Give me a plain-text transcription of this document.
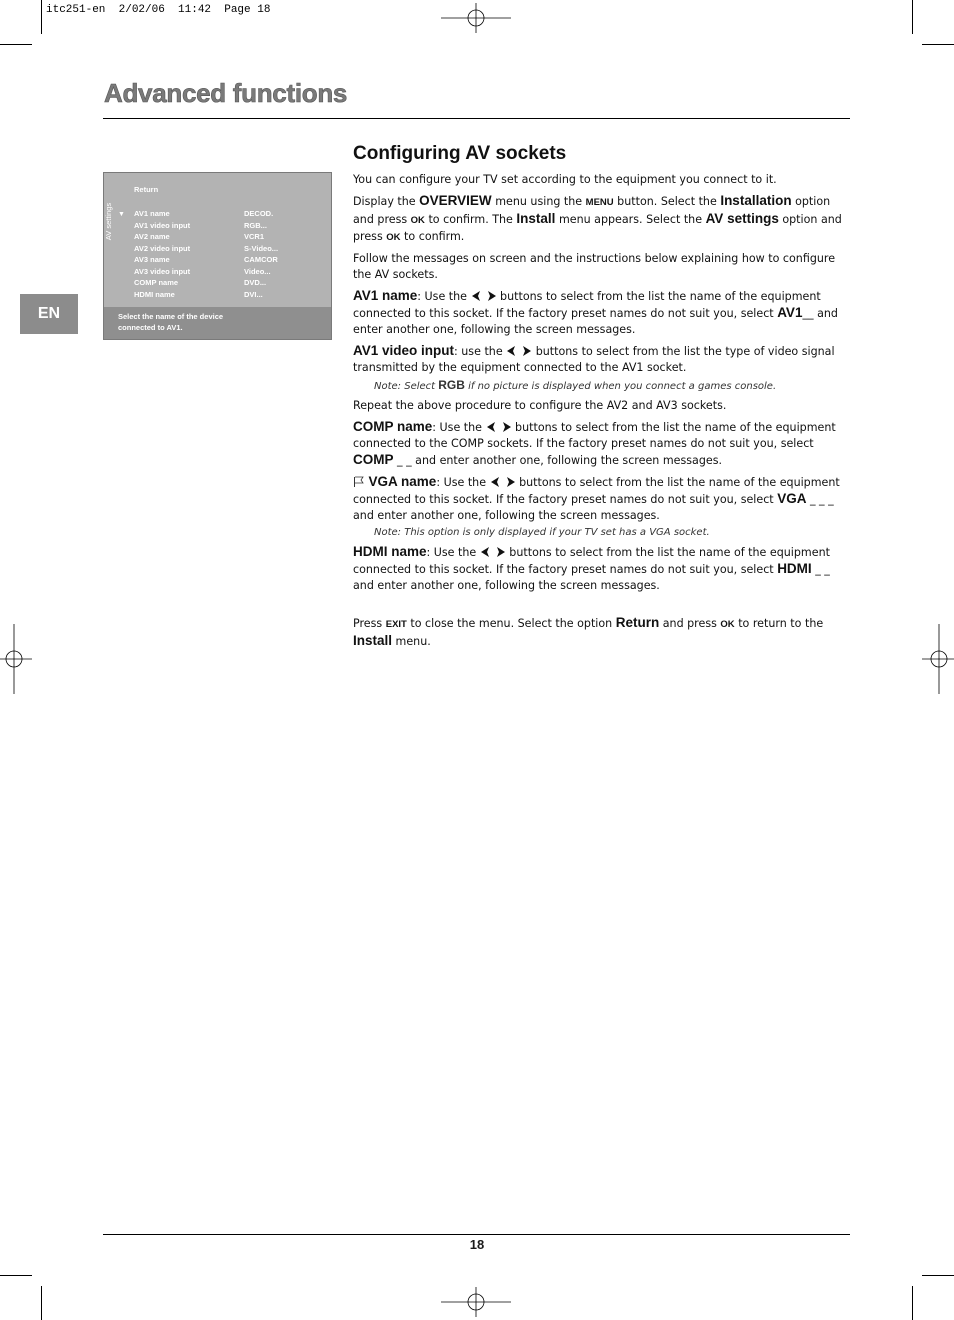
itc251-en  2/02/06  11:42  Page 18
Advanced functions
EN
AV settings ▼
Return
AV1 name	DECOD.
AV1 video input	RGB...
AV2 name	VCR1
AV2 video input	S-Video...
AV3 name	CAMCOR
AV3 video input	Video...
COMP name	DVD...
HDMI name	DVI...
Select the name of the device
connected to AV1.
Configuring AV sockets

You can configure your TV set according to the equipment you connect to it.

Display the OVERVIEW menu using the MENU button. Select the Installation option and press OK to confirm. The Install menu appears. Select the AV settings option and press OK to confirm.

Follow the messages on screen and the instructions below explaining how to configure the AV sockets.

AV1 name: Use the  buttons to select from the list the name of the equipment connected to this socket. If the factory preset names do not suit you, select AV1__ and enter another one, following the screen messages.

AV1 video input: use the  buttons to select from the list the type of video signal transmitted by the equipment connected to the AV1 socket.

Note: Select RGB if no picture is displayed when you connect a games console.

Repeat the above procedure to configure the AV2 and AV3 sockets.

COMP name: Use the  buttons to select from the list the name of the equipment connected to the COMP sockets. If the factory preset names do not suit you, select COMP _ _ and enter another one, following the screen messages.

VGA name: Use the  buttons to select from the list the name of the equipment connected to this socket. If the factory preset names do not suit you, select VGA _ _ _ and enter another one, following the screen messages.

Note: This option is only displayed if your TV set has a VGA socket.

HDMI name: Use the  buttons to select from the list the name of the equipment connected to this socket. If the factory preset names do not suit you, select HDMI _ _ and enter another one, following the screen messages.

Press EXIT to close the menu. Select the option Return and press OK to return to the Install menu.

18
